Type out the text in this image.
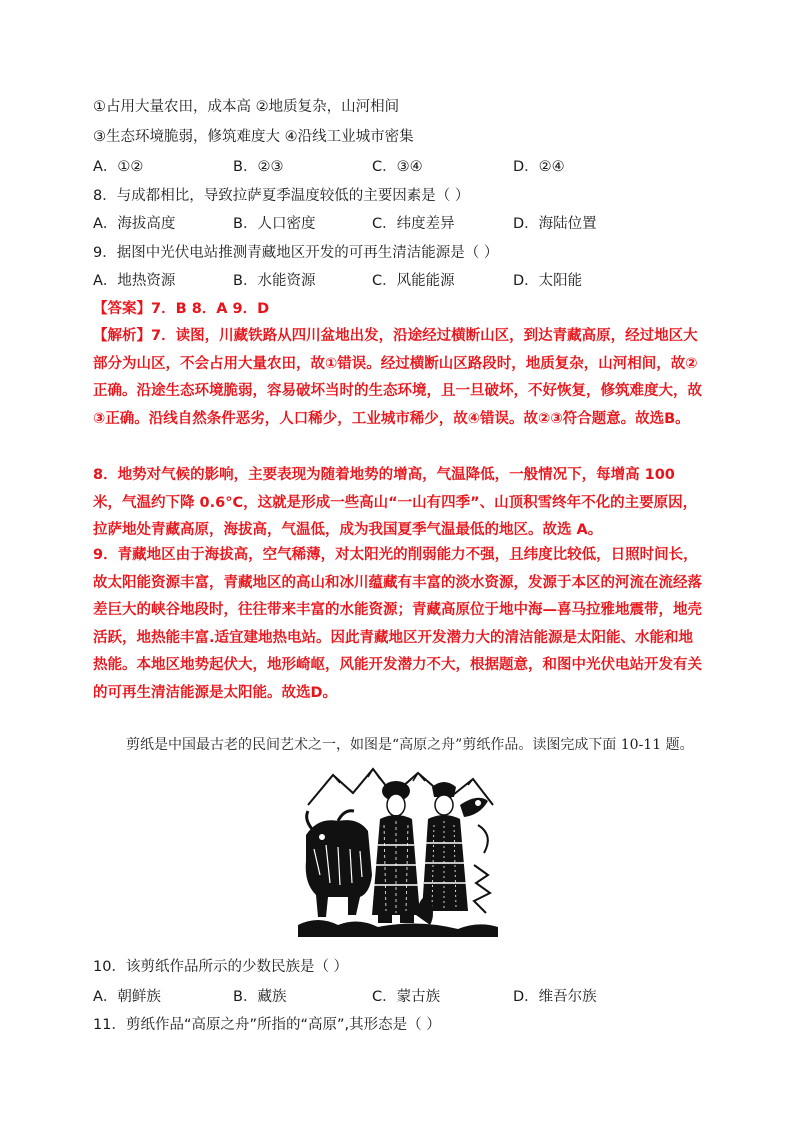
①占用大量农田，成本高 ②地质复杂，山河相间
③生态环境脆弱，修筑难度大 ④沿线工业城市密集
A．①②	B．②③	C．③④	D．②④
8．与成都相比，导致拉萨夏季温度较低的主要因素是（ ）
A．海拔高度	B．人口密度	C．纬度差异	D．海陆位置
9．据图中光伏电站推测青藏地区开发的可再生清洁能源是（ ）
A．地热资源	B．水能资源	C．风能能源	D．太阳能
【答案】7．B 8．A 9．D
【解析】7．读图，川藏铁路从四川盆地出发，沿途经过横断山区，到达青藏高原，经过地区大部分为山区，不会占用大量农田，故①错误。经过横断山区路段时，地质复杂，山河相间，故②正确。沿途生态环境脆弱，容易破坏当时的生态环境，且一旦破坏，不好恢复，修筑难度大，故③正确。沿线自然条件恶劣，人口稀少，工业城市稀少，故④错误。故②③符合题意。故选B。
8．地势对气候的影响，主要表现为随着地势的增高，气温降低，一般情况下，每增高 100 米，气温约下降 0.6°C，这就是形成一些高山“一山有四季”、山顶积雪终年不化的主要原因，拉萨地处青藏高原，海拔高，气温低，成为我国夏季气温最低的地区。故选 A。
9．青藏地区由于海拔高，空气稀薄，对太阳光的削弱能力不强，且纬度比较低，日照时间长，故太阳能资源丰富，青藏地区的高山和冰川蕴藏有丰富的淡水资源，发源于本区的河流在流经落差巨大的峡谷地段时，往往带来丰富的水能资源；青藏高原位于地中海—喜马拉雅地震带，地壳活跃，地热能丰富.适宜建地热电站。因此青藏地区开发潜力大的清洁能源是太阳能、水能和地热能。本地区地势起伏大，地形崎岖，风能开发潜力不大，根据题意，和图中光伏电站开发有关的可再生清洁能源是太阳能。故选D。
剪纸是中国最古老的民间艺术之一，如图是“高原之舟”剪纸作品。读图完成下面 10-11 题。
10．该剪纸作品所示的少数民族是（ ）
A．朝鲜族	B．藏族	C．蒙古族	D．维吾尔族
11．剪纸作品“高原之舟”所指的“高原”,其形态是（ ）
